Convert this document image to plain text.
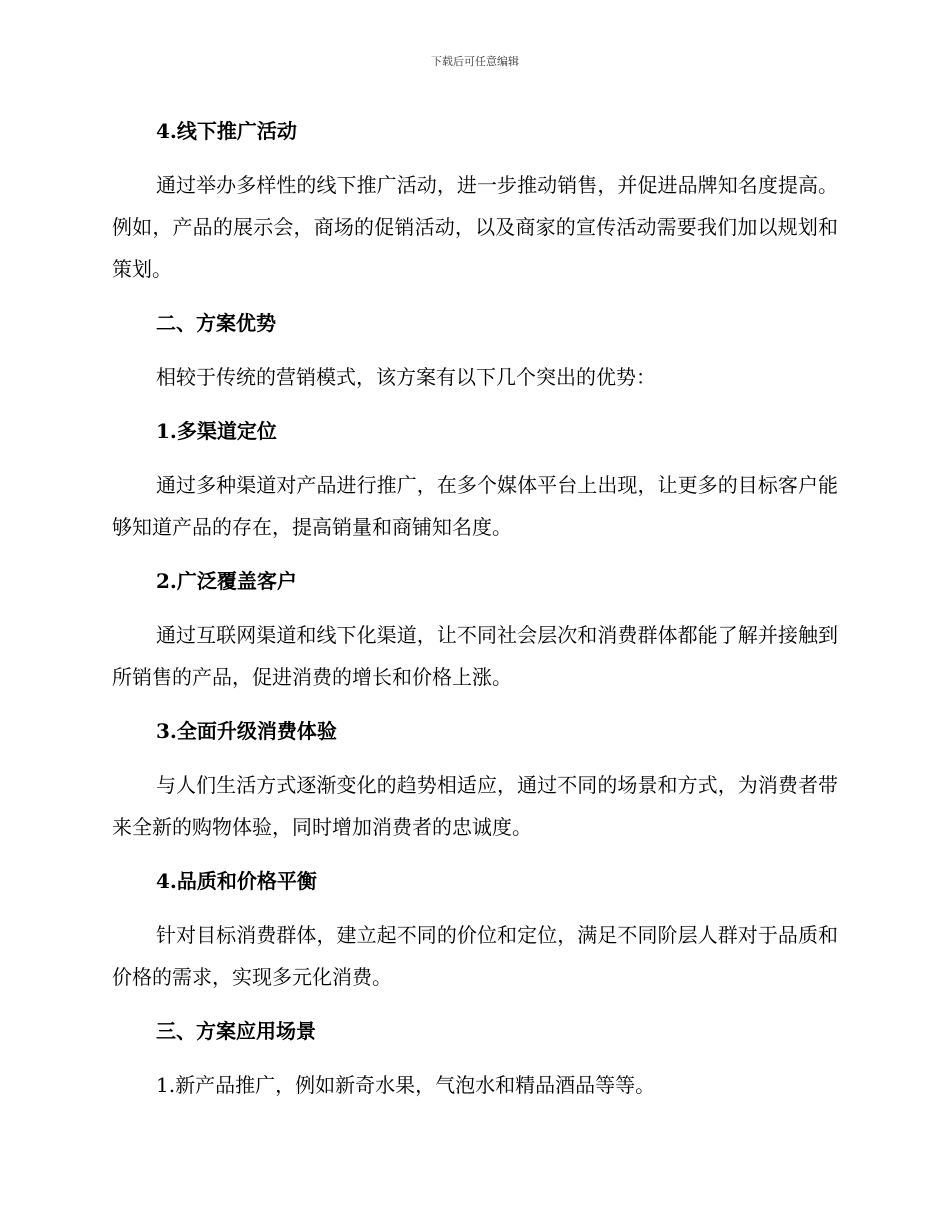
下载后可任意编辑
4.线下推广活动
通过举办多样性的线下推广活动，进一步推动销售，并促进品牌知名度提高。例如，产品的展示会，商场的促销活动，以及商家的宣传活动需要我们加以规划和策划。
二、方案优势
相较于传统的营销模式，该方案有以下几个突出的优势：
1.多渠道定位
通过多种渠道对产品进行推广，在多个媒体平台上出现，让更多的目标客户能够知道产品的存在，提高销量和商铺知名度。
2.广泛覆盖客户
通过互联网渠道和线下化渠道，让不同社会层次和消费群体都能了解并接触到所销售的产品，促进消费的增长和价格上涨。
3.全面升级消费体验
与人们生活方式逐渐变化的趋势相适应，通过不同的场景和方式，为消费者带来全新的购物体验，同时增加消费者的忠诚度。
4.品质和价格平衡
针对目标消费群体，建立起不同的价位和定位，满足不同阶层人群对于品质和价格的需求，实现多元化消费。
三、方案应用场景
1.新产品推广，例如新奇水果，气泡水和精品酒品等等。
